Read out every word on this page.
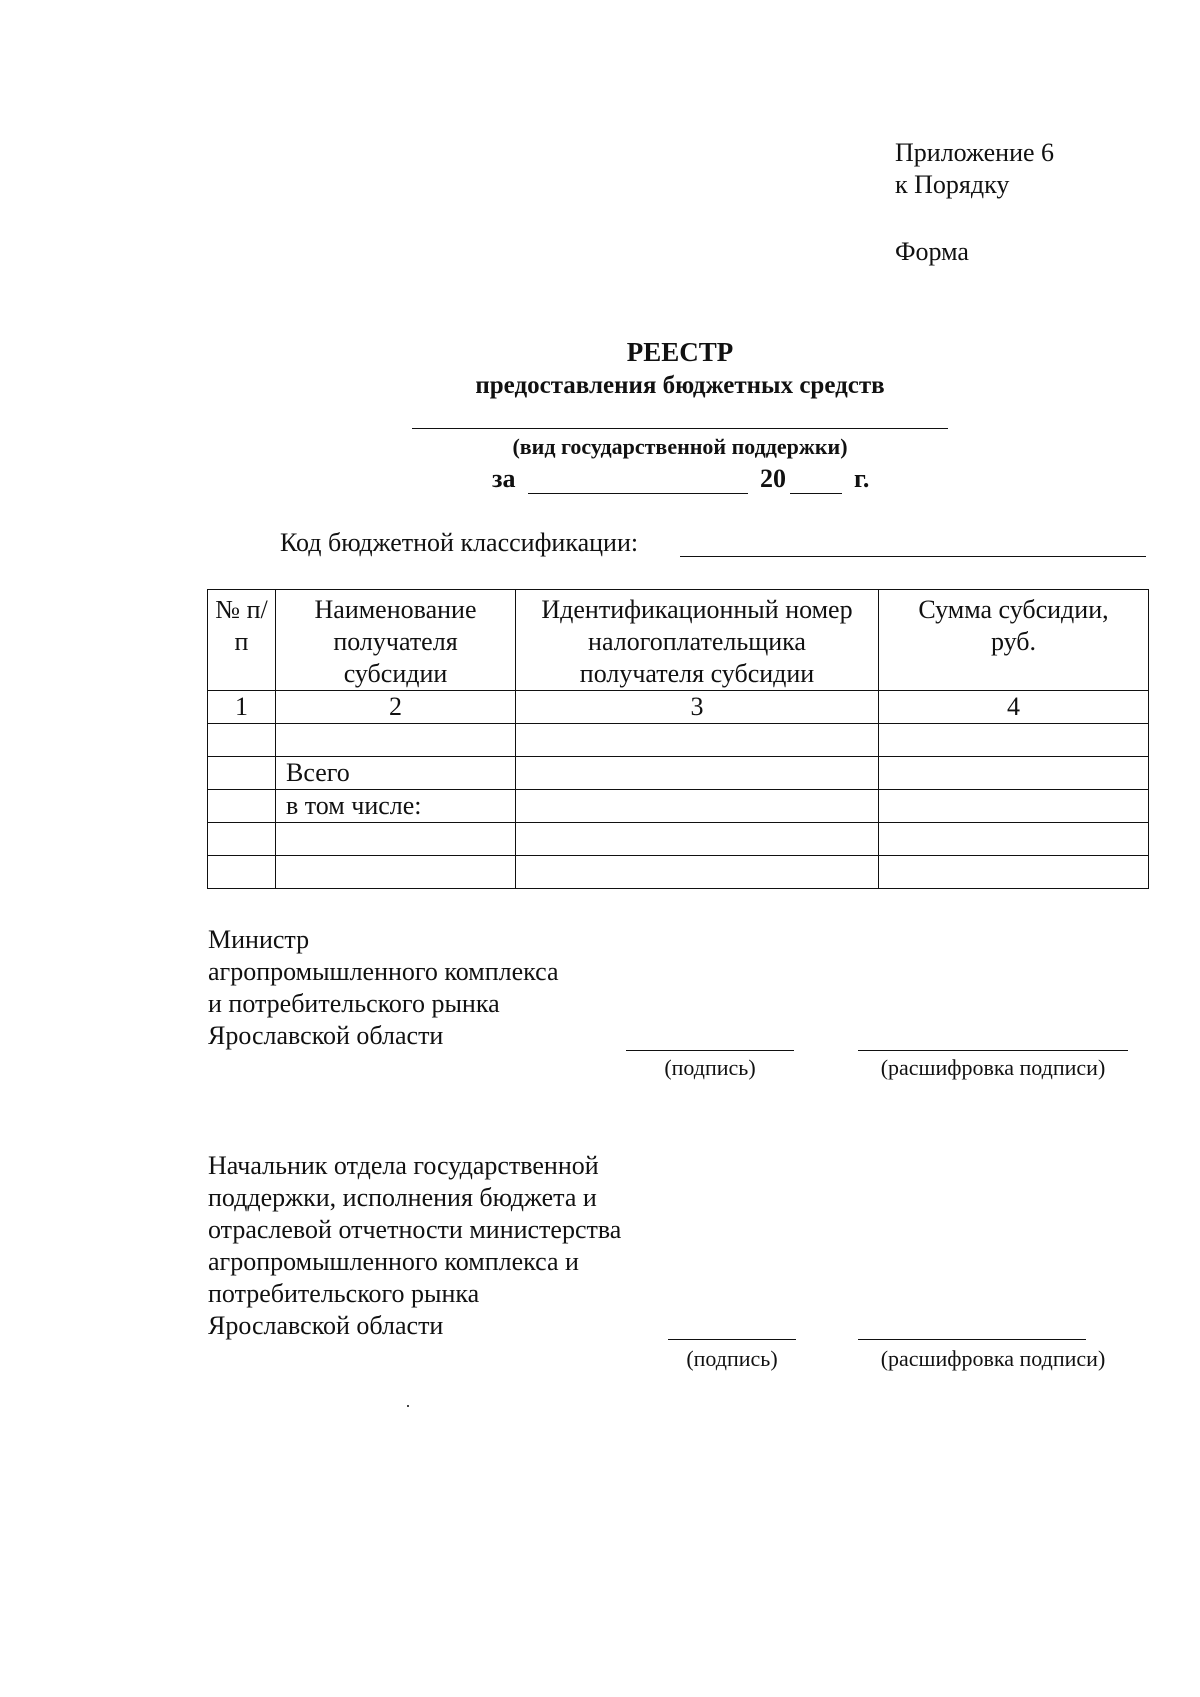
Приложение 6
к Порядку
Форма
РЕЕСТР
предоставления бюджетных средств
(вид государственной поддержки)
за	20	г.
Код бюджетной классификации:
№ п/п	Наименование получателя субсидии	Идентификационный номер налогоплательщика получателя субсидии	Сумма субсидии, руб.
1	2	3	4

	Всего		
	в том числе:		

Министр
агропромышленного комплекса
и потребительского рынка
Ярославской области
(подпись)	(расшифровка подписи)
Начальник отдела государственной
поддержки, исполнения бюджета и
отраслевой отчетности министерства
агропромышленного комплекса и
потребительского рынка
Ярославской области
(подпись)	(расшифровка подписи)
